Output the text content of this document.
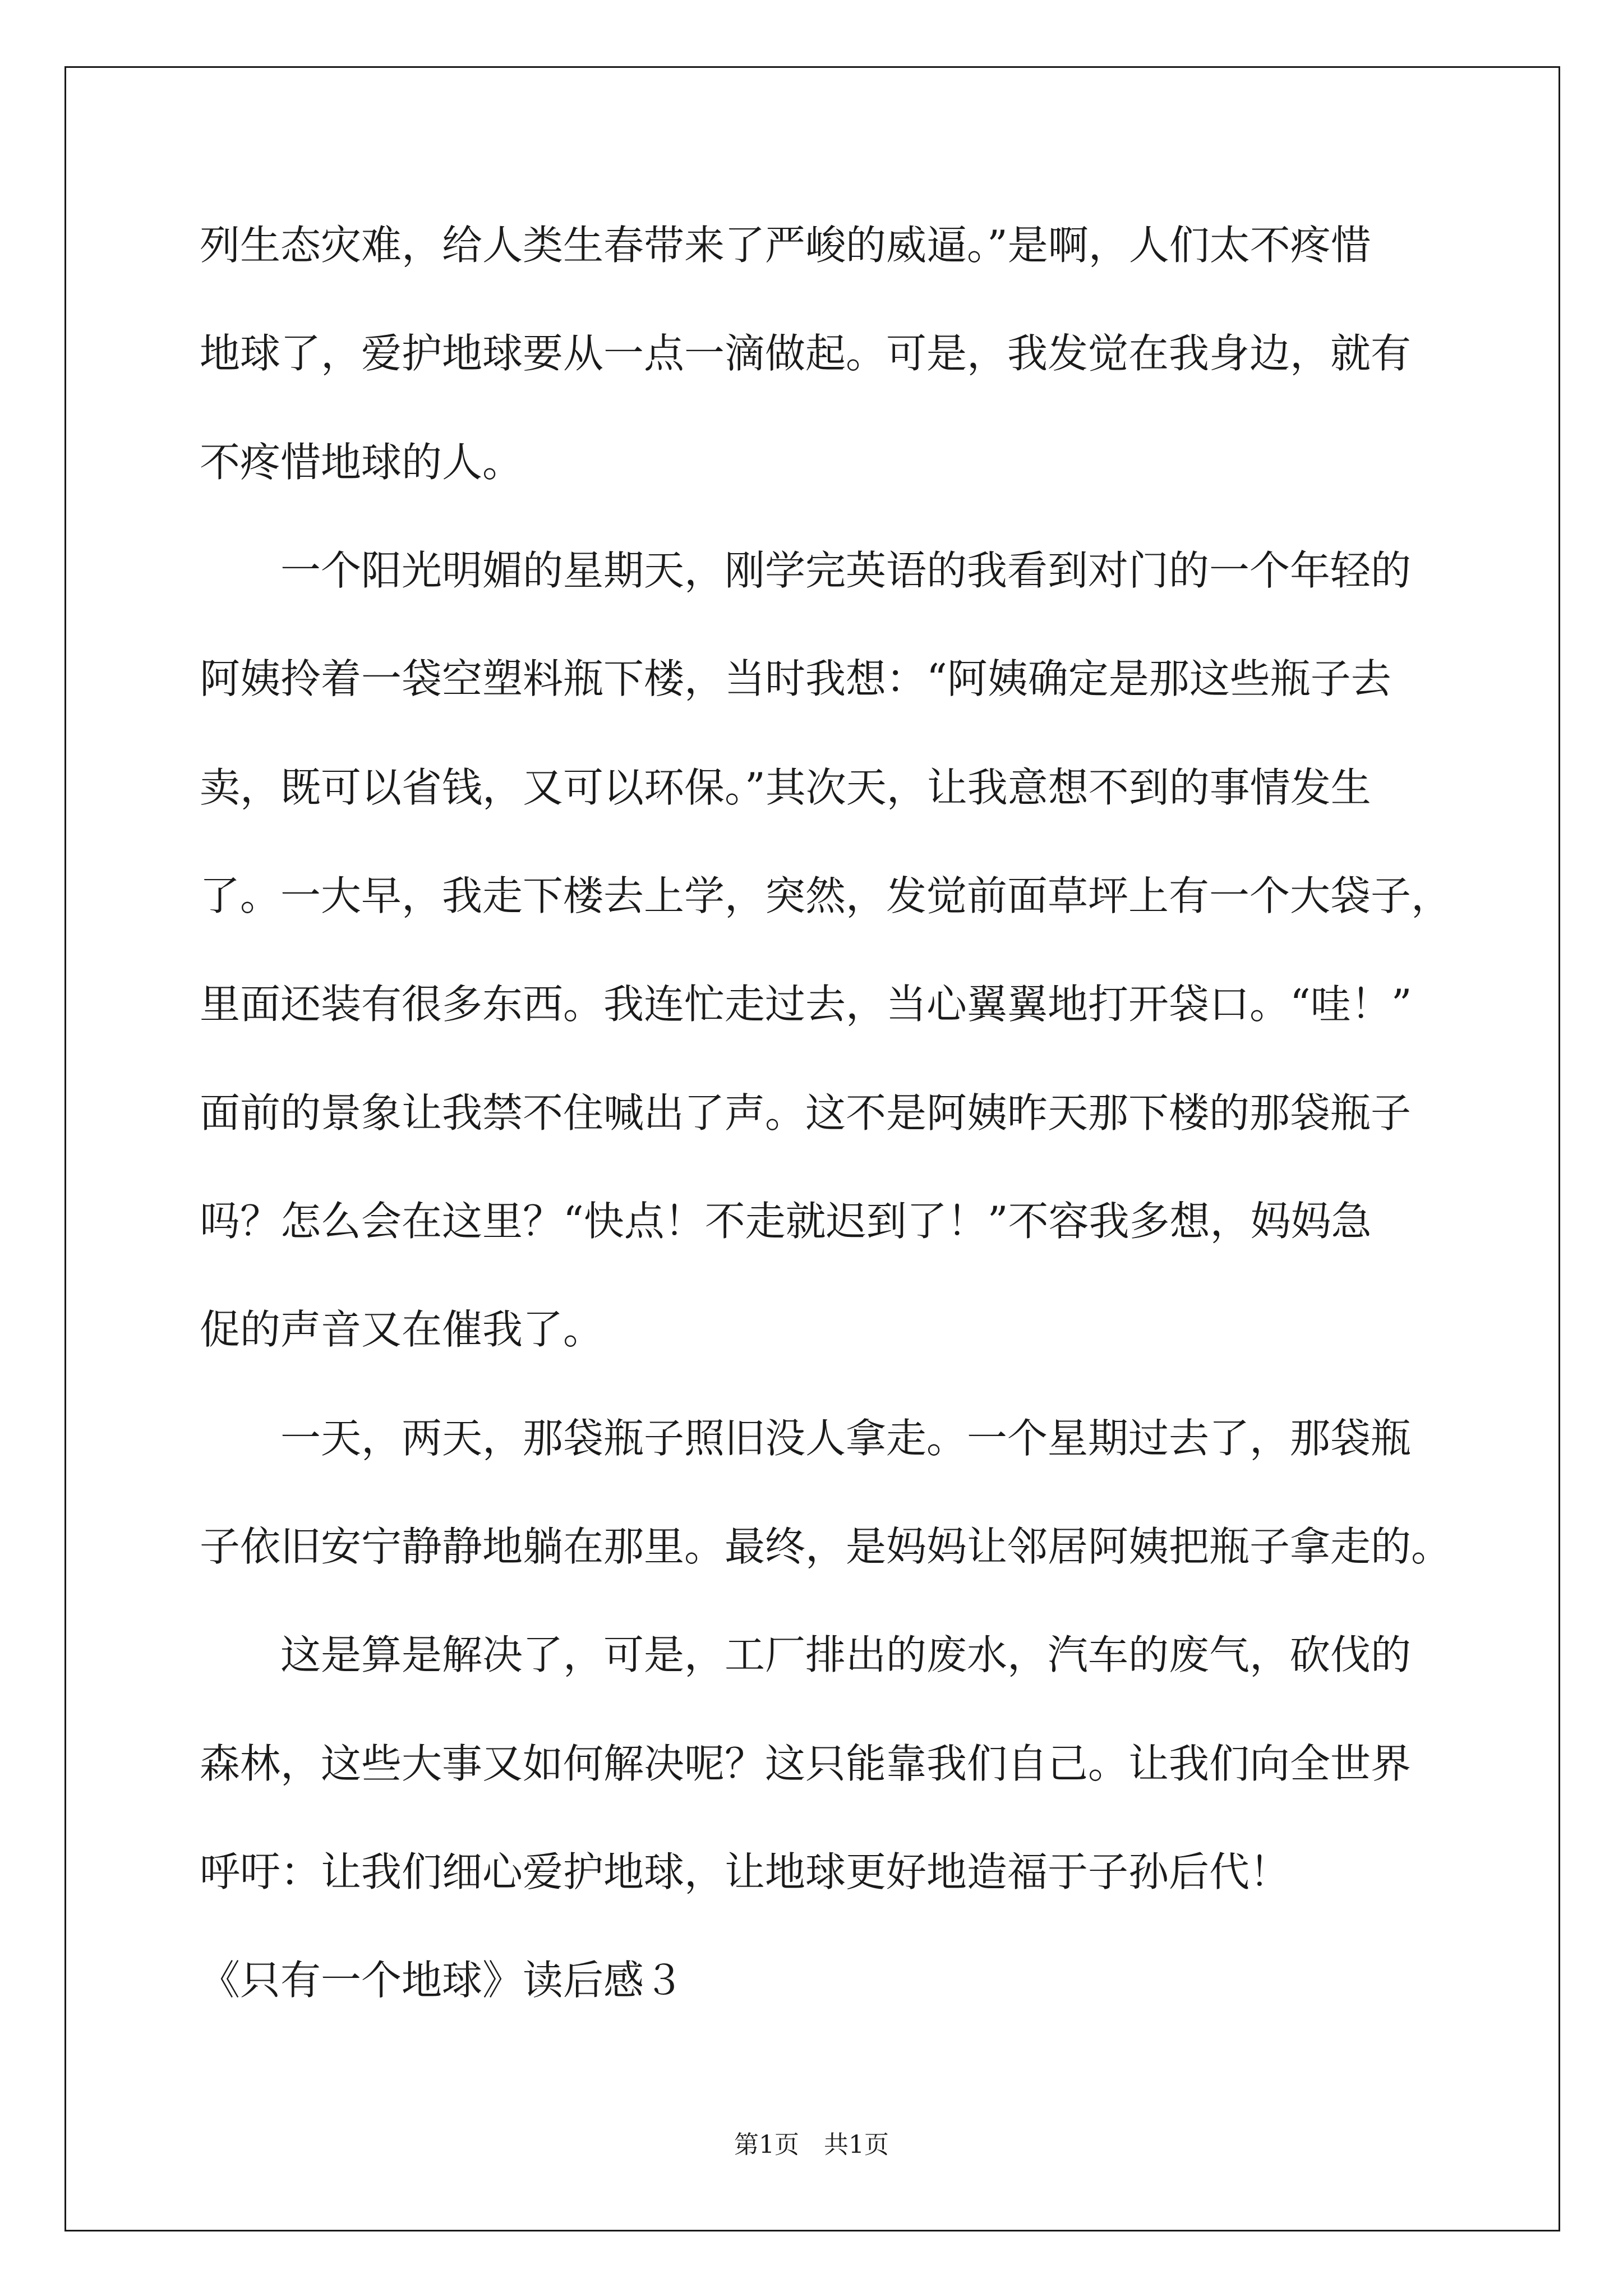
列生态灾难，给人类生春带来了严峻的威逼。”是啊，人们太不疼惜
地球了，爱护地球要从一点一滴做起。可是，我发觉在我身边，就有
不疼惜地球的人。
　　一个阳光明媚的星期天，刚学完英语的我看到对门的一个年轻的
阿姨拎着一袋空塑料瓶下楼，当时我想：“阿姨确定是那这些瓶子去
卖，既可以省钱，又可以环保。”其次天，让我意想不到的事情发生
了。一大早，我走下楼去上学，突然，发觉前面草坪上有一个大袋子，
里面还装有很多东西。我连忙走过去，当心翼翼地打开袋口。“哇！”
面前的景象让我禁不住喊出了声。这不是阿姨昨天那下楼的那袋瓶子
吗？怎么会在这里？“快点！不走就迟到了！”不容我多想，妈妈急
促的声音又在催我了。
　　一天，两天，那袋瓶子照旧没人拿走。一个星期过去了，那袋瓶
子依旧安宁静静地躺在那里。最终，是妈妈让邻居阿姨把瓶子拿走的。
　　这是算是解决了，可是，工厂排出的废水，汽车的废气，砍伐的
森林，这些大事又如何解决呢？这只能靠我们自己。让我们向全世界
呼吁：让我们细心爱护地球，让地球更好地造福于子孙后代！
《只有一个地球》读后感３
第1页　共1页
